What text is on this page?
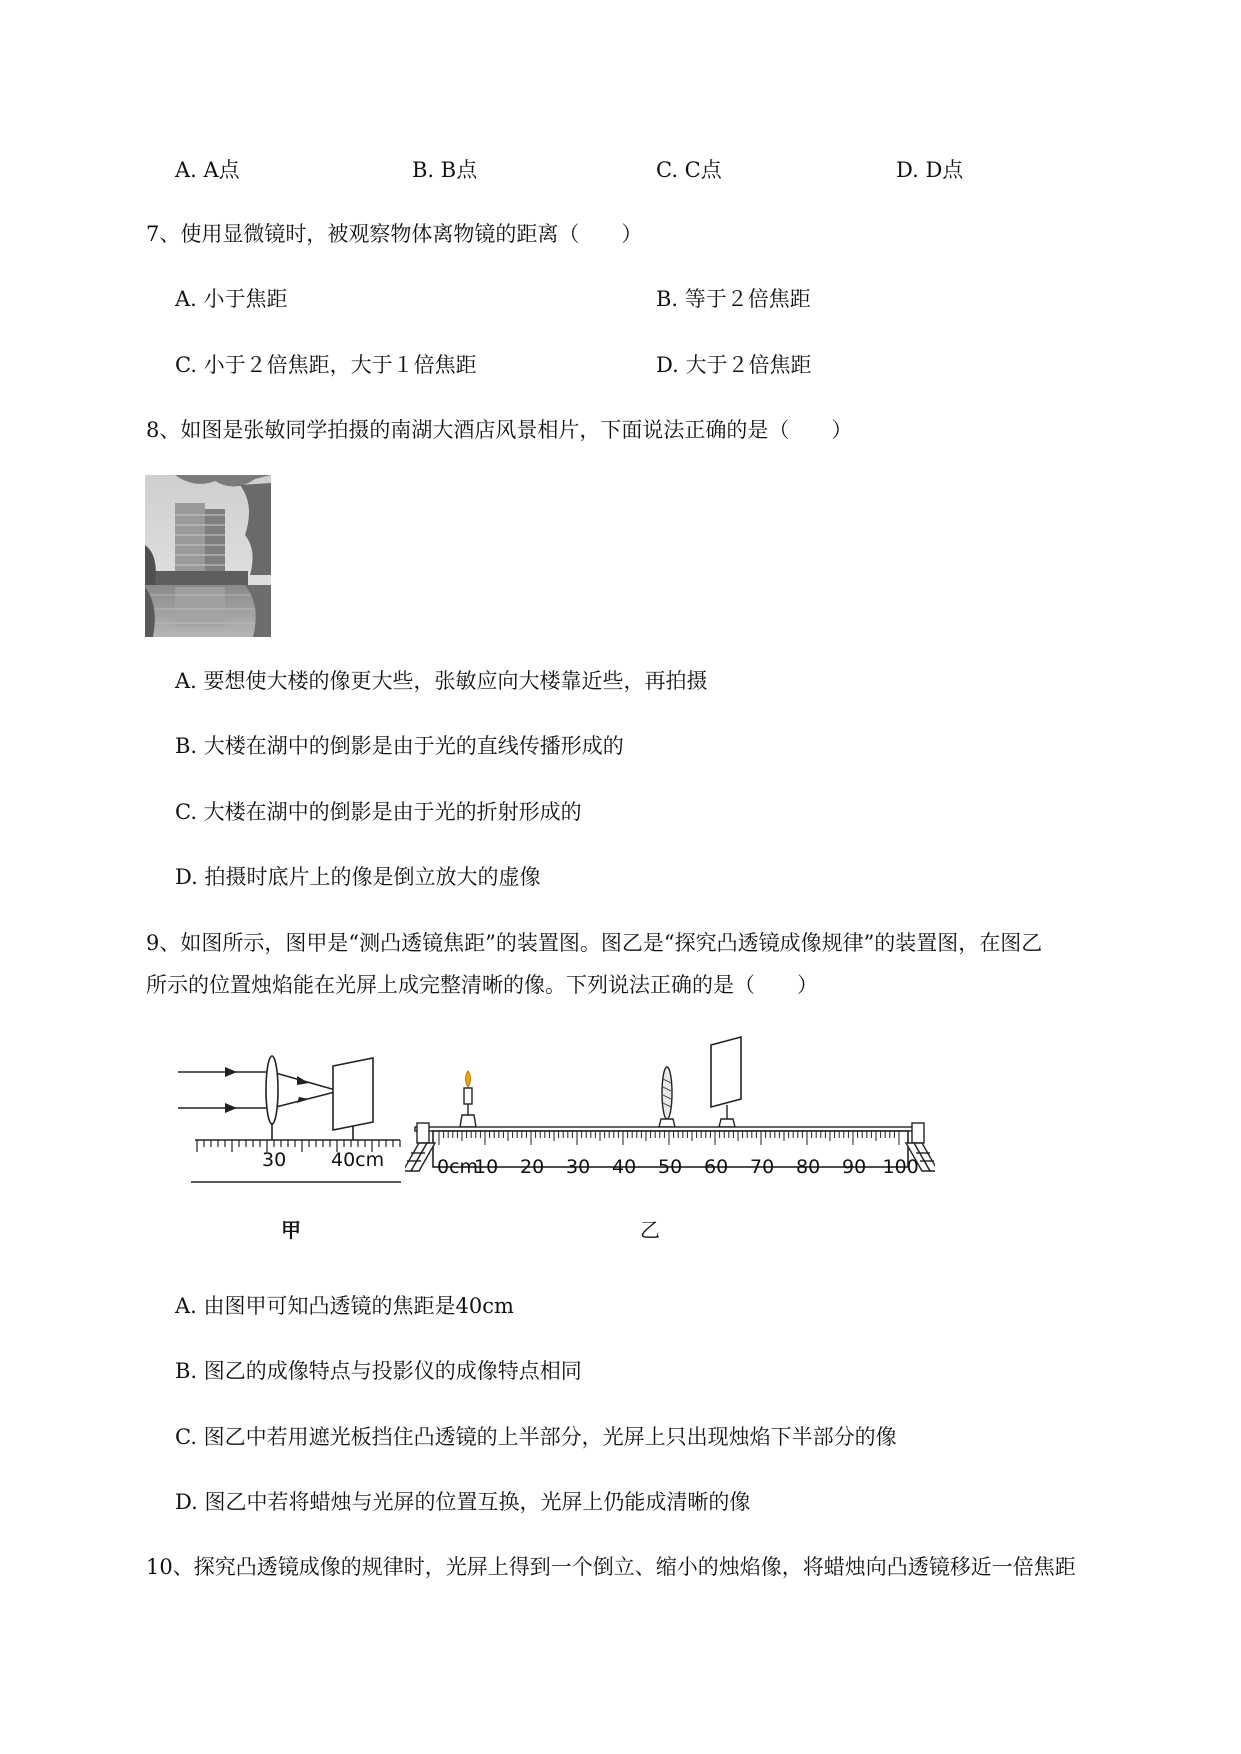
A. A点	B. B点	C. C点	D. D点
7、使用显微镜时，被观察物体离物镜的距离（　　）
A. 小于焦距	B. 等于２倍焦距
C. 小于２倍焦距，大于１倍焦距	D. 大于２倍焦距
8、如图是张敏同学拍摄的南湖大酒店风景相片，下面说法正确的是（　　）
A. 要想使大楼的像更大些，张敏应向大楼靠近些，再拍摄
B. 大楼在湖中的倒影是由于光的直线传播形成的
C. 大楼在湖中的倒影是由于光的折射形成的
D. 拍摄时底片上的像是倒立放大的虚像
9、如图所示，图甲是“测凸透镜焦距”的装置图。图乙是“探究凸透镜成像规律”的装置图，在图乙
所示的位置烛焰能在光屏上成完整清晰的像。下列说法正确的是（　　）
30 40cm
甲
0cm
10 20 30 40 50 60 70 80 90 100
乙
A. 由图甲可知凸透镜的焦距是40cm
B. 图乙的成像特点与投影仪的成像特点相同
C. 图乙中若用遮光板挡住凸透镜的上半部分，光屏上只出现烛焰下半部分的像
D. 图乙中若将蜡烛与光屏的位置互换，光屏上仍能成清晰的像
10、探究凸透镜成像的规律时，光屏上得到一个倒立、缩小的烛焰像，将蜡烛向凸透镜移近一倍焦距
